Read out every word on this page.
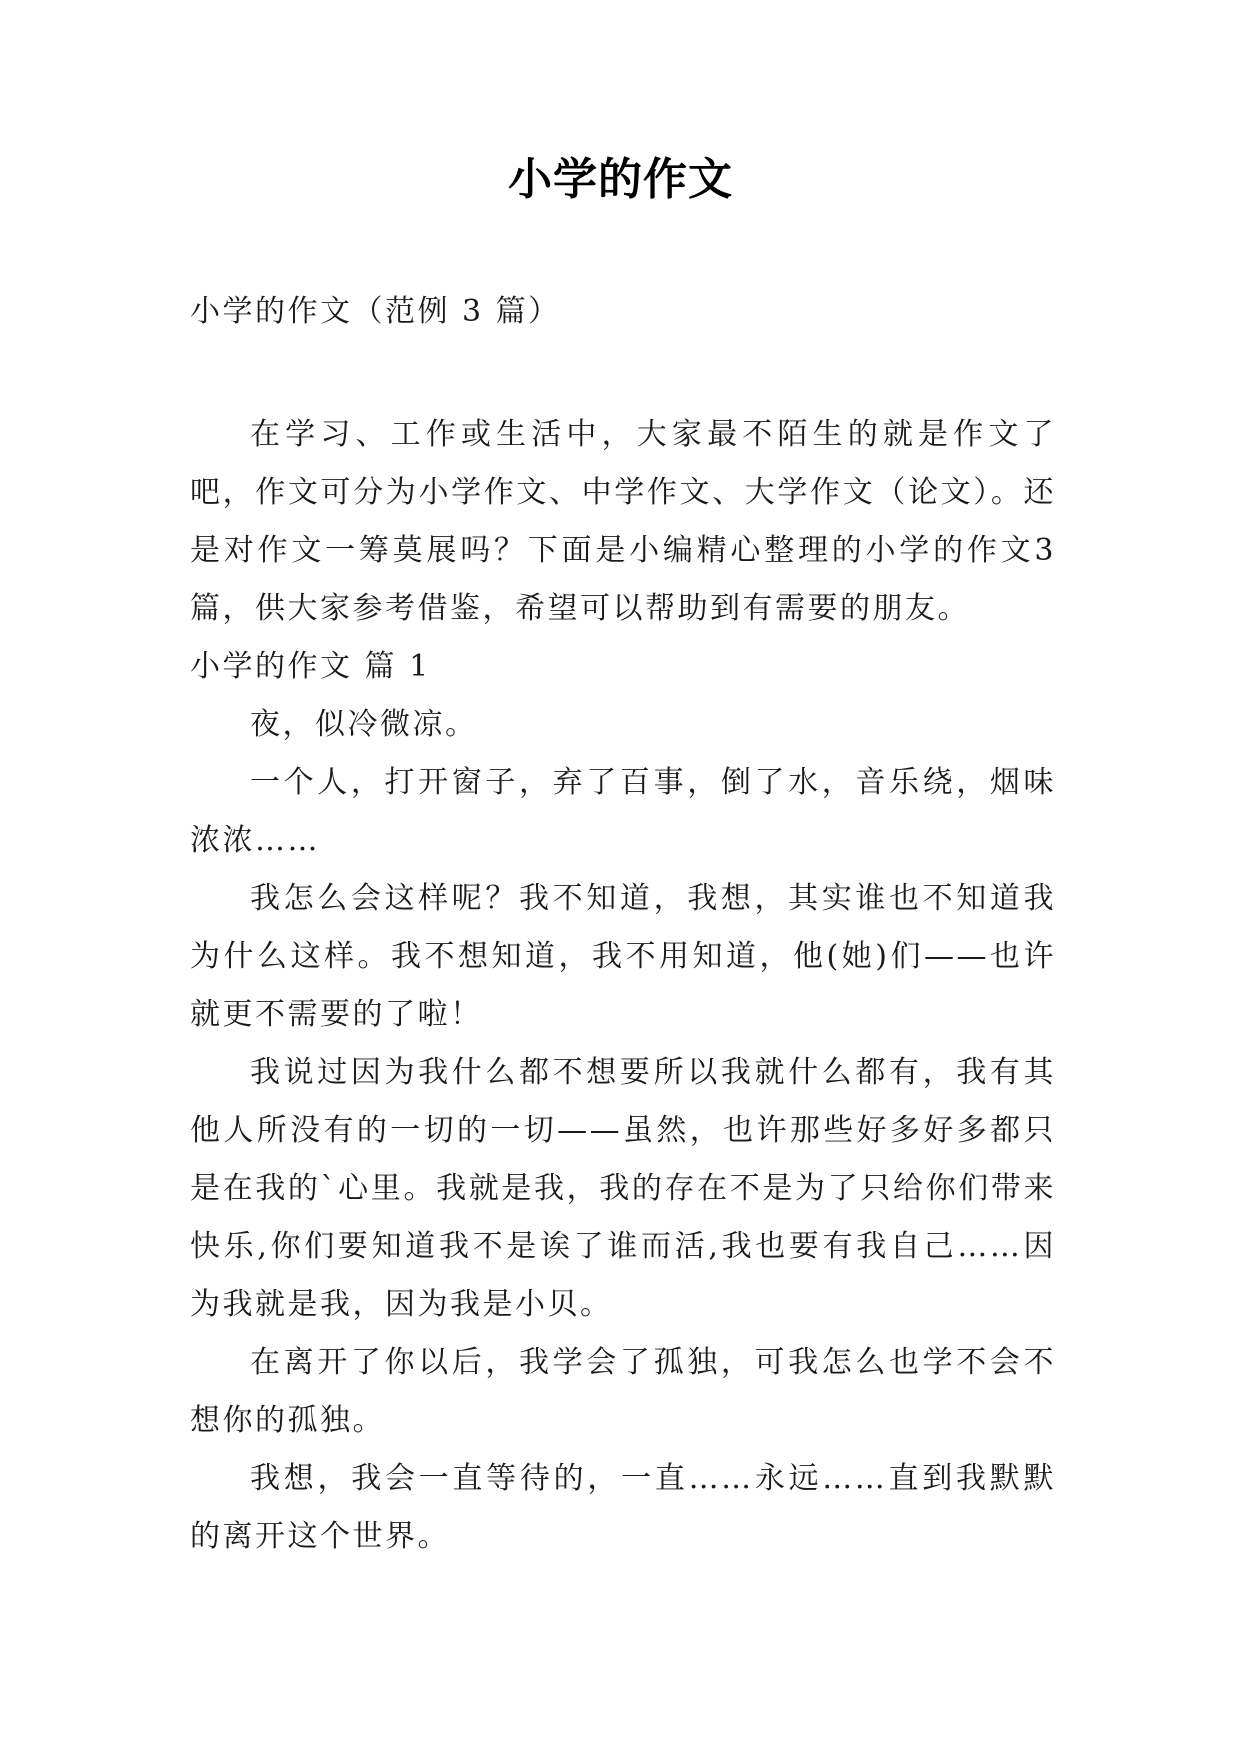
小学的作文

小学的作文（范例 3 篇）

在学习、工作或生活中，大家最不陌生的就是作文了吧，作文可分为小学作文、中学作文、大学作文（论文）。还是对作文一筹莫展吗？下面是小编精心整理的小学的作文3篇，供大家参考借鉴，希望可以帮助到有需要的朋友。

小学的作文 篇 1

夜，似冷微凉。

一个人，打开窗子，弃了百事，倒了水，音乐绕，烟味浓浓……

我怎么会这样呢？我不知道，我想，其实谁也不知道我为什么这样。我不想知道，我不用知道，他(她)们——也许就更不需要的了啦！

我说过因为我什么都不想要所以我就什么都有，我有其他人所没有的一切的一切——虽然，也许那些好多好多都只是在我的`心里。我就是我，我的存在不是为了只给你们带来快乐,你们要知道我不是诶了谁而活,我也要有我自己……因为我就是我，因为我是小贝。

在离开了你以后，我学会了孤独，可我怎么也学不会不想你的孤独。

我想，我会一直等待的，一直……永远……直到我默默的离开这个世界。
